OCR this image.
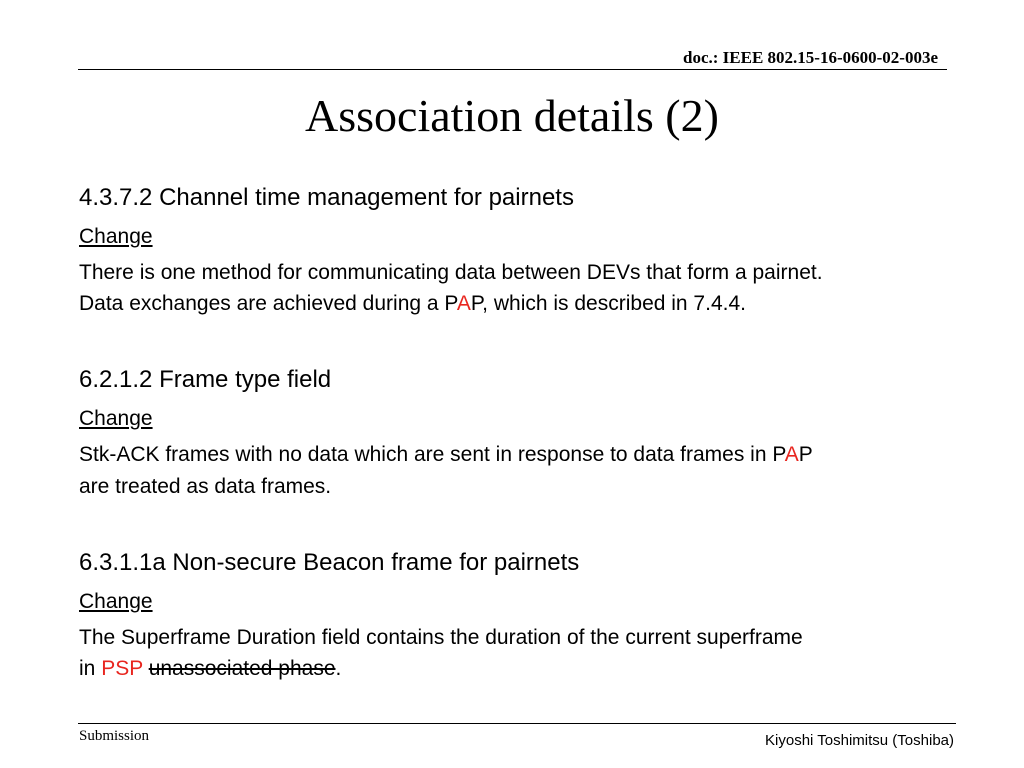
doc.: IEEE 802.15-16-0600-02-003e
Association details (2)
4.3.7.2 Channel time management for pairnets
Change
There is one method for communicating data between DEVs that form a pairnet.
Data exchanges are achieved during a PAP, which is described in 7.4.4.
6.2.1.2 Frame type field
Change
Stk-ACK frames with no data which are sent in response to data frames in PAP
are treated as data frames.
6.3.1.1a Non-secure Beacon frame for pairnets
Change
The Superframe Duration field contains the duration of the current superframe
in PSP unassociated phase.
Submission	Kiyoshi Toshimitsu (Toshiba)
